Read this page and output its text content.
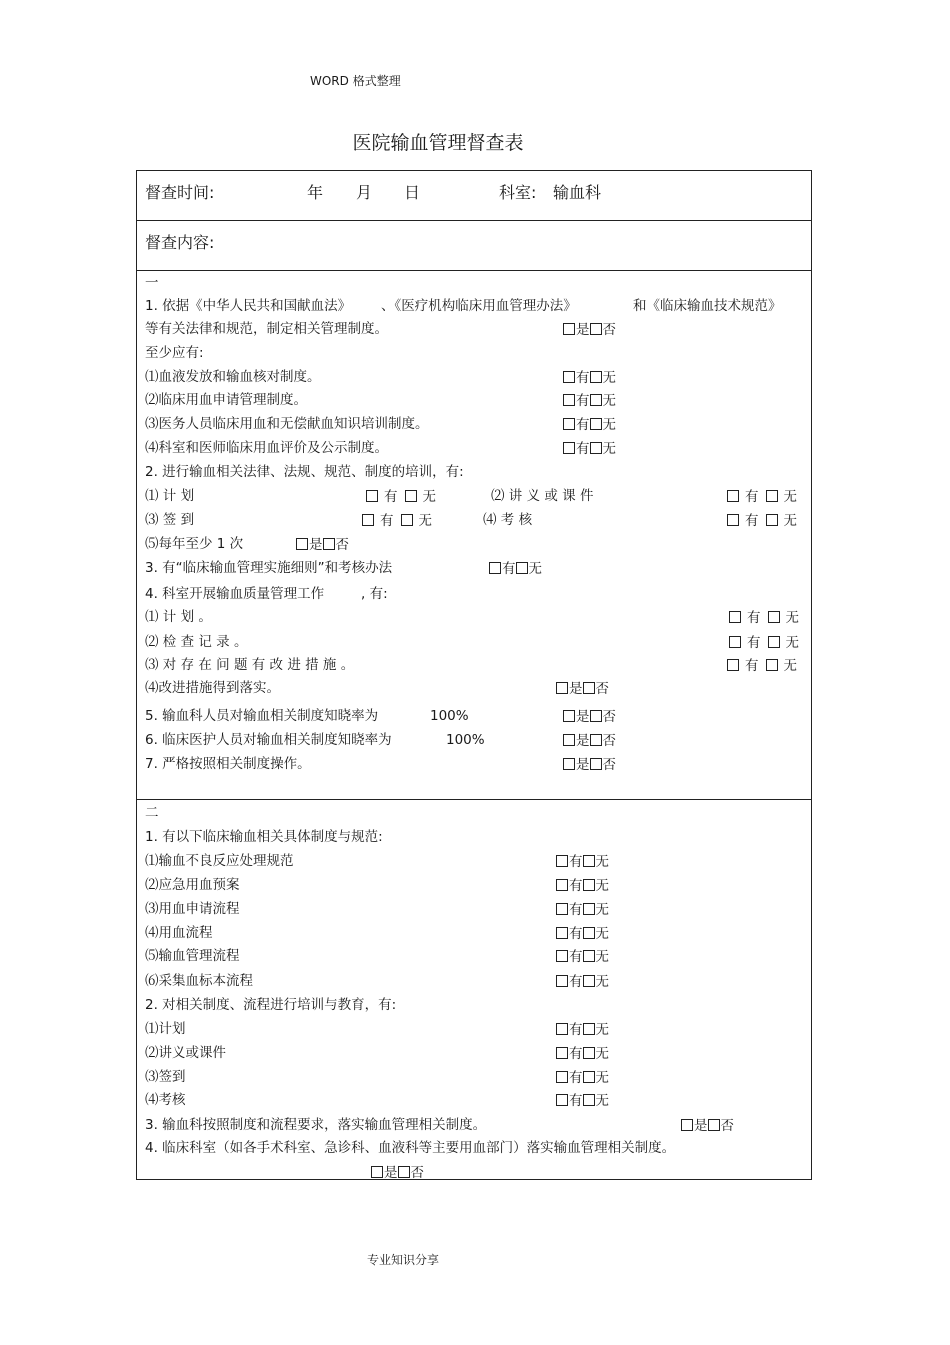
WORD 格式整理
医院输血管理督查表
督查时间:	年 月 日	科室: 输血科
督查内容:
一
1. 依据《中华人民共和国献血法》 、《医疗机构临床用血管理办法》	和《临床输血技术规范》
等有关法律和规范，制定相关管理制度。	是 否
至少应有:
⑴血液发放和输血核对制度。	有 无
⑵临床用血申请管理制度。	有 无
⑶医务人员临床用血和无偿献血知识培训制度。	有 无
⑷科室和医师临床用血评价及公示制度。	有 无
2. 进行输血相关法律、法规、规范、制度的培训，有:
⑴ 计 划	有 无	⑵ 讲 义 或 课 件	有 无
⑶ 签 到	有 无	⑷ 考 核	有 无
⑸每年至少 1 次	是 否
3. 有“临床输血管理实施细则”和考核办法	有 无
4. 科室开展输血质量管理工作	, 有:
⑴ 计 划 。	有 无
⑵ 检 查 记 录 。	有 无
⑶ 对 存 在 问 题 有 改 进 措 施 。	有 无
⑷改进措施得到落实。	是 否
5. 输血科人员对输血相关制度知晓率为	100%	是 否
6. 临床医护人员对输血相关制度知晓率为	100%	是 否
7. 严格按照相关制度操作。	是 否
二
1. 有以下临床输血相关具体制度与规范:
⑴输血不良反应处理规范	有 无
⑵应急用血预案	有 无
⑶用血申请流程	有 无
⑷用血流程	有 无
⑸输血管理流程	有 无
⑹采集血标本流程	有 无
2. 对相关制度、流程进行培训与教育，有:
⑴计划	有 无
⑵讲义或课件	有 无
⑶签到	有 无
⑷考核	有 无
3. 输血科按照制度和流程要求，落实输血管理相关制度。	是 否
4. 临床科室（如各手术科室、急诊科、血液科等主要用血部门）落实输血管理相关制度。
是 否
专业知识分享
